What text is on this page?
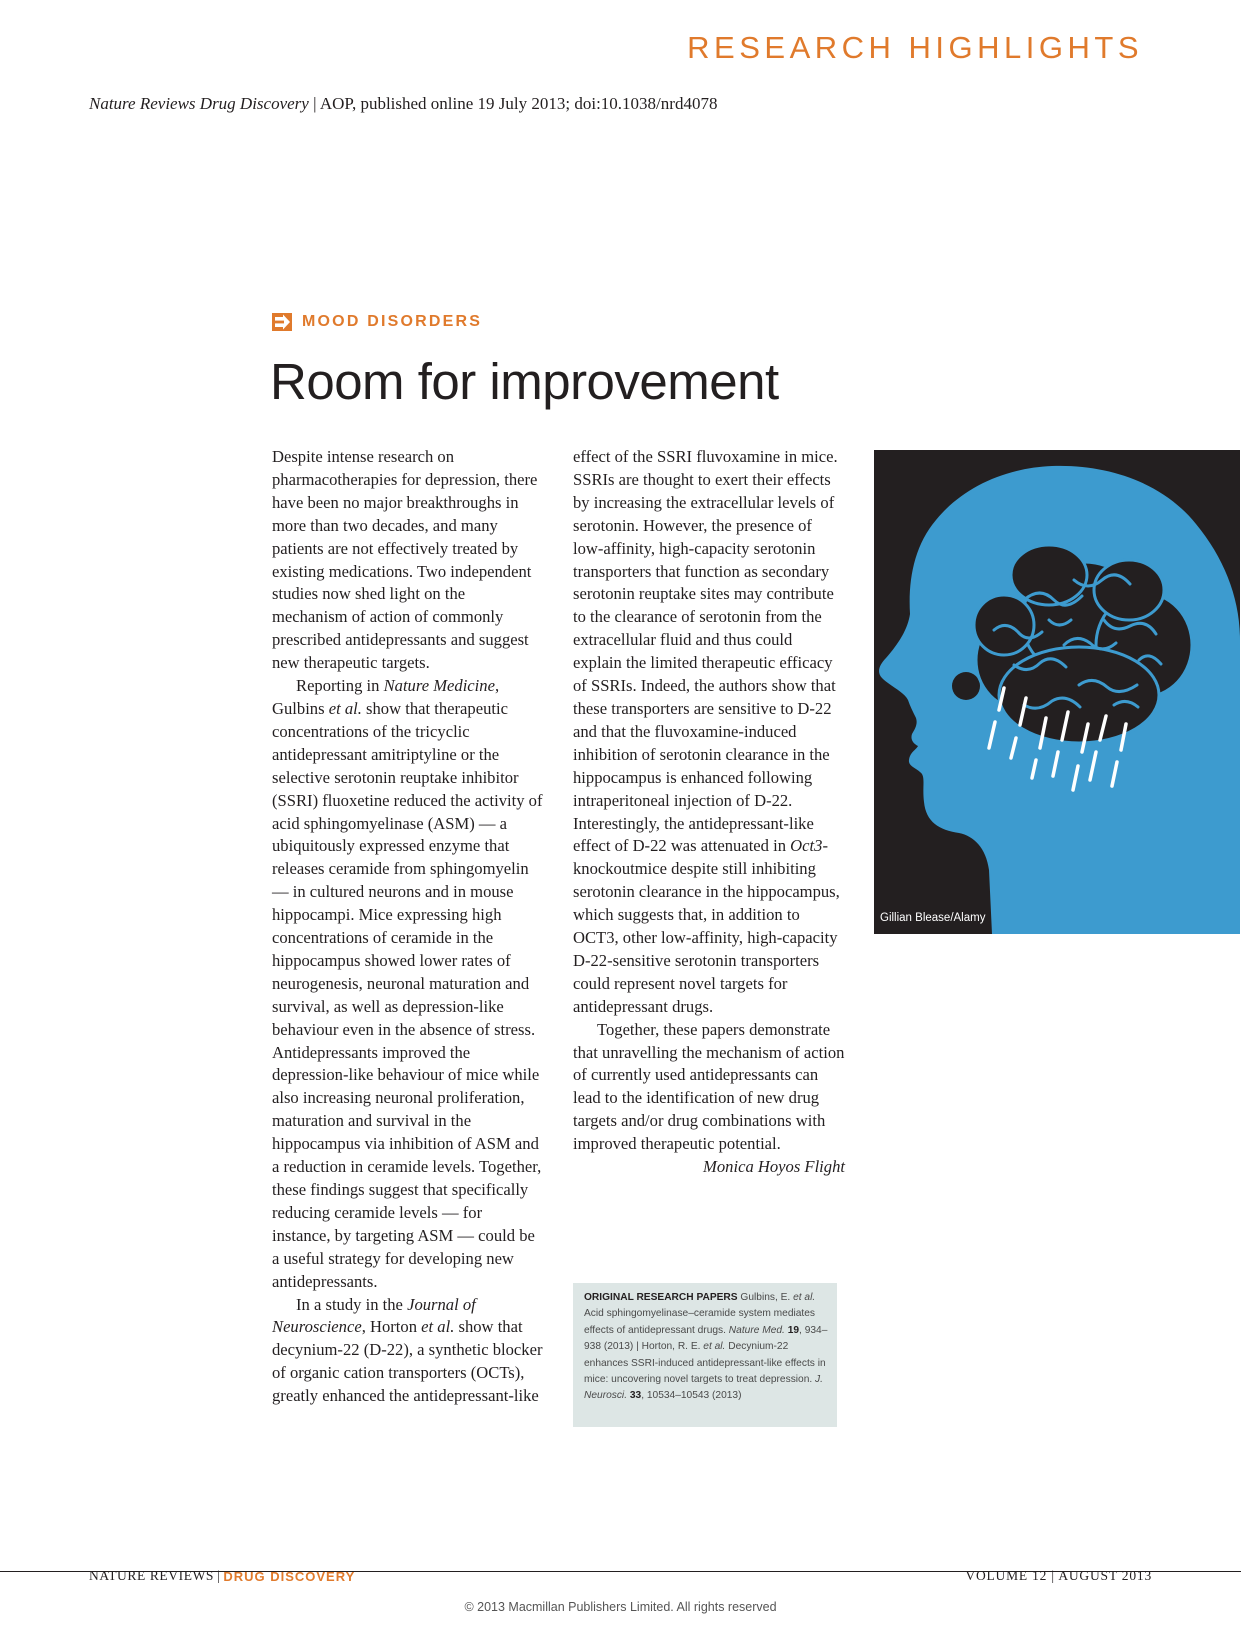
RESEARCH HIGHLIGHTS
Nature Reviews Drug Discovery | AOP, published online 19 July 2013; doi:10.1038/nrd4078
MOOD DISORDERS
Room for improvement

Despite intense research on pharmacotherapies for depression, there have been no major breakthroughs in more than two decades, and many patients are not effectively treated by existing medications. Two independent studies now shed light on the mechanism of action of commonly prescribed antidepressants and suggest new therapeutic targets.

Reporting in Nature Medicine, Gulbins et al. show that therapeutic concentrations of the tricyclic antidepressant amitriptyline or the selective serotonin reuptake inhibitor (SSRI) fluoxetine reduced the activity of acid sphingomyelinase (ASM) — a ubiquitously expressed enzyme that releases ceramide from sphingomyelin — in cultured neurons and in mouse hippocampi. Mice expressing high concentrations of ceramide in the hippocampus showed lower rates of neurogenesis, neuronal maturation and survival, as well as depression-like behaviour even in the absence of stress. Antidepressants improved the depression-like behaviour of mice while also increasing neuronal proliferation, maturation and survival in the hippocampus via inhibition of ASM and a reduction in ceramide levels. Together, these findings suggest that specifically reducing ceramide levels — for instance, by targeting ASM — could be a useful strategy for developing new antidepressants.

In a study in the Journal of Neuroscience, Horton et al. show that decynium-22 (D-22), a synthetic blocker of organic cation transporters (OCTs), greatly enhanced the antidepressant-like

effect of the SSRI fluvoxamine in mice. SSRIs are thought to exert their effects by increasing the extracellular levels of serotonin. However, the presence of low-affinity, high-capacity serotonin transporters that function as secondary serotonin reuptake sites may contribute to the clearance of serotonin from the extracellular fluid and thus could explain the limited therapeutic efficacy of SSRIs. Indeed, the authors show that these transporters are sensitive to D-22 and that the fluvoxamine-induced inhibition of serotonin clearance in the hippocampus is enhanced following intraperitoneal injection of D-22. Interestingly, the antidepressant-like effect of D-22 was attenuated in Oct3-knockoutmice despite still inhibiting serotonin clearance in the hippocampus, which suggests that, in addition to OCT3, other low-affinity, high-capacity D-22-sensitive serotonin transporters could represent novel targets for antidepressant drugs.

Together, these papers demonstrate that unravelling the mechanism of action of currently used antidepressants can lead to the identification of new drug targets and/or drug combinations with improved therapeutic potential.

Monica Hoyos Flight

Gillian Blease/Alamy
ORIGINAL RESEARCH PAPERS Gulbins, E. et al. Acid sphingomyelinase–ceramide system mediates effects of antidepressant drugs. Nature Med. 19, 934–938 (2013) | Horton, R. E. et al. Decynium-22 enhances SSRI-induced antidepressant-like effects in mice: uncovering novel targets to treat depression. J. Neurosci. 33, 10534–10543 (2013)
NATURE REVIEWS | DRUG DISCOVERY	VOLUME 12 | AUGUST 2013
© 2013 Macmillan Publishers Limited. All rights reserved
